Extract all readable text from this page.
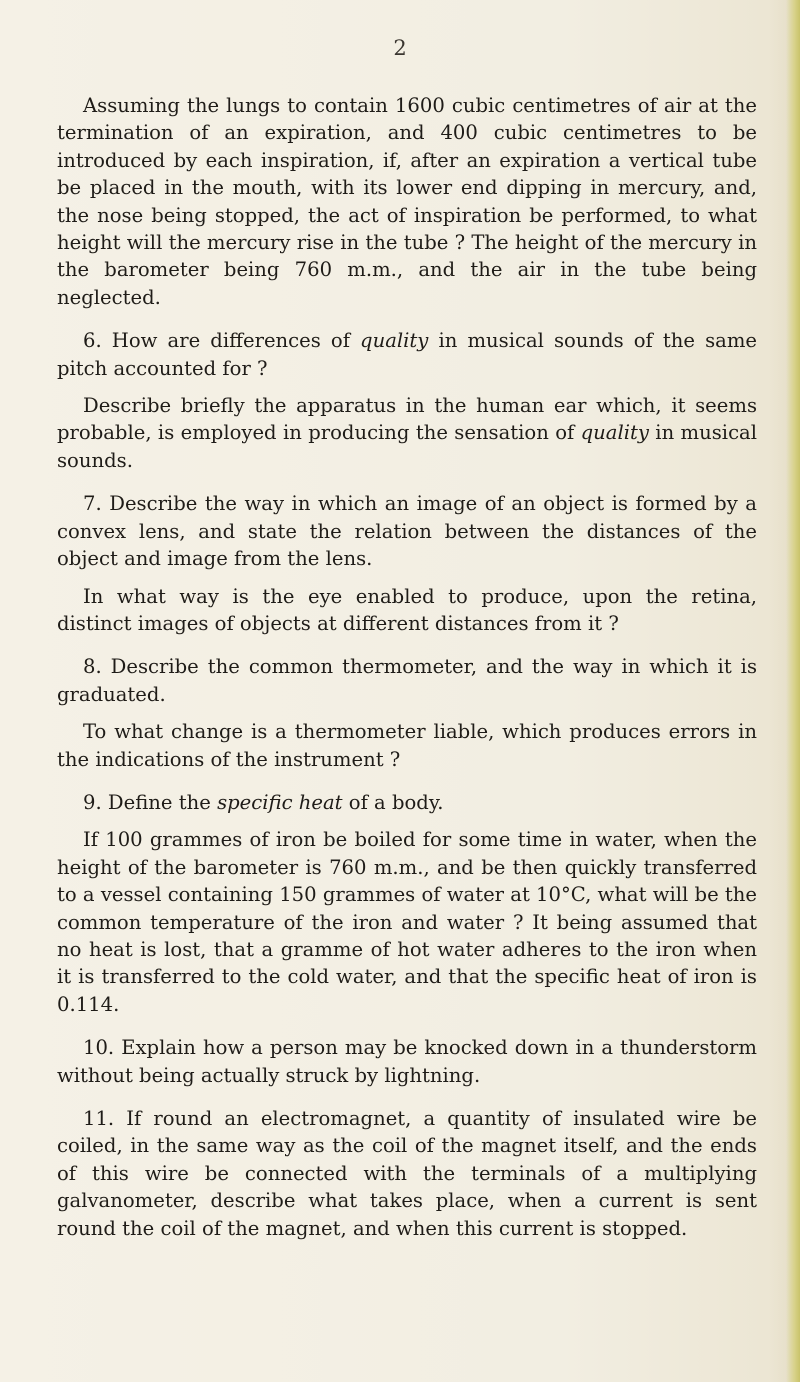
2

Assuming the lungs to contain 1600 cubic centimetres of air at the termination of an expiration, and 400 cubic centimetres to be introduced by each inspiration, if, after an expiration a vertical tube be placed in the mouth, with its lower end dipping in mercury, and, the nose being stopped, the act of inspiration be performed, to what height will the mercury rise in the tube ? The height of the mercury in the barometer being 760 m.m., and the air in the tube being neglected.

6. How are differences of quality in musical sounds of the same pitch accounted for ?

Describe briefly the apparatus in the human ear which, it seems probable, is employed in producing the sensation of quality in musical sounds.

7. Describe the way in which an image of an object is formed by a convex lens, and state the relation between the distances of the object and image from the lens.

In what way is the eye enabled to produce, upon the retina, distinct images of objects at different distances from it ?

8. Describe the common thermometer, and the way in which it is graduated.

To what change is a thermometer liable, which produces errors in the indications of the instrument ?

9. Define the specific heat of a body.

If 100 grammes of iron be boiled for some time in water, when the height of the barometer is 760 m.m., and be then quickly transferred to a vessel containing 150 grammes of water at 10°C, what will be the common temperature of the iron and water ? It being assumed that no heat is lost, that a gramme of hot water adheres to the iron when it is transferred to the cold water, and that the specific heat of iron is 0.114.

10. Explain how a person may be knocked down in a thunderstorm without being actually struck by lightning.

11. If round an electromagnet, a quantity of insulated wire be coiled, in the same way as the coil of the magnet itself, and the ends of this wire be connected with the terminals of a multiplying galvanometer, describe what takes place, when a current is sent round the coil of the magnet, and when this current is stopped.
